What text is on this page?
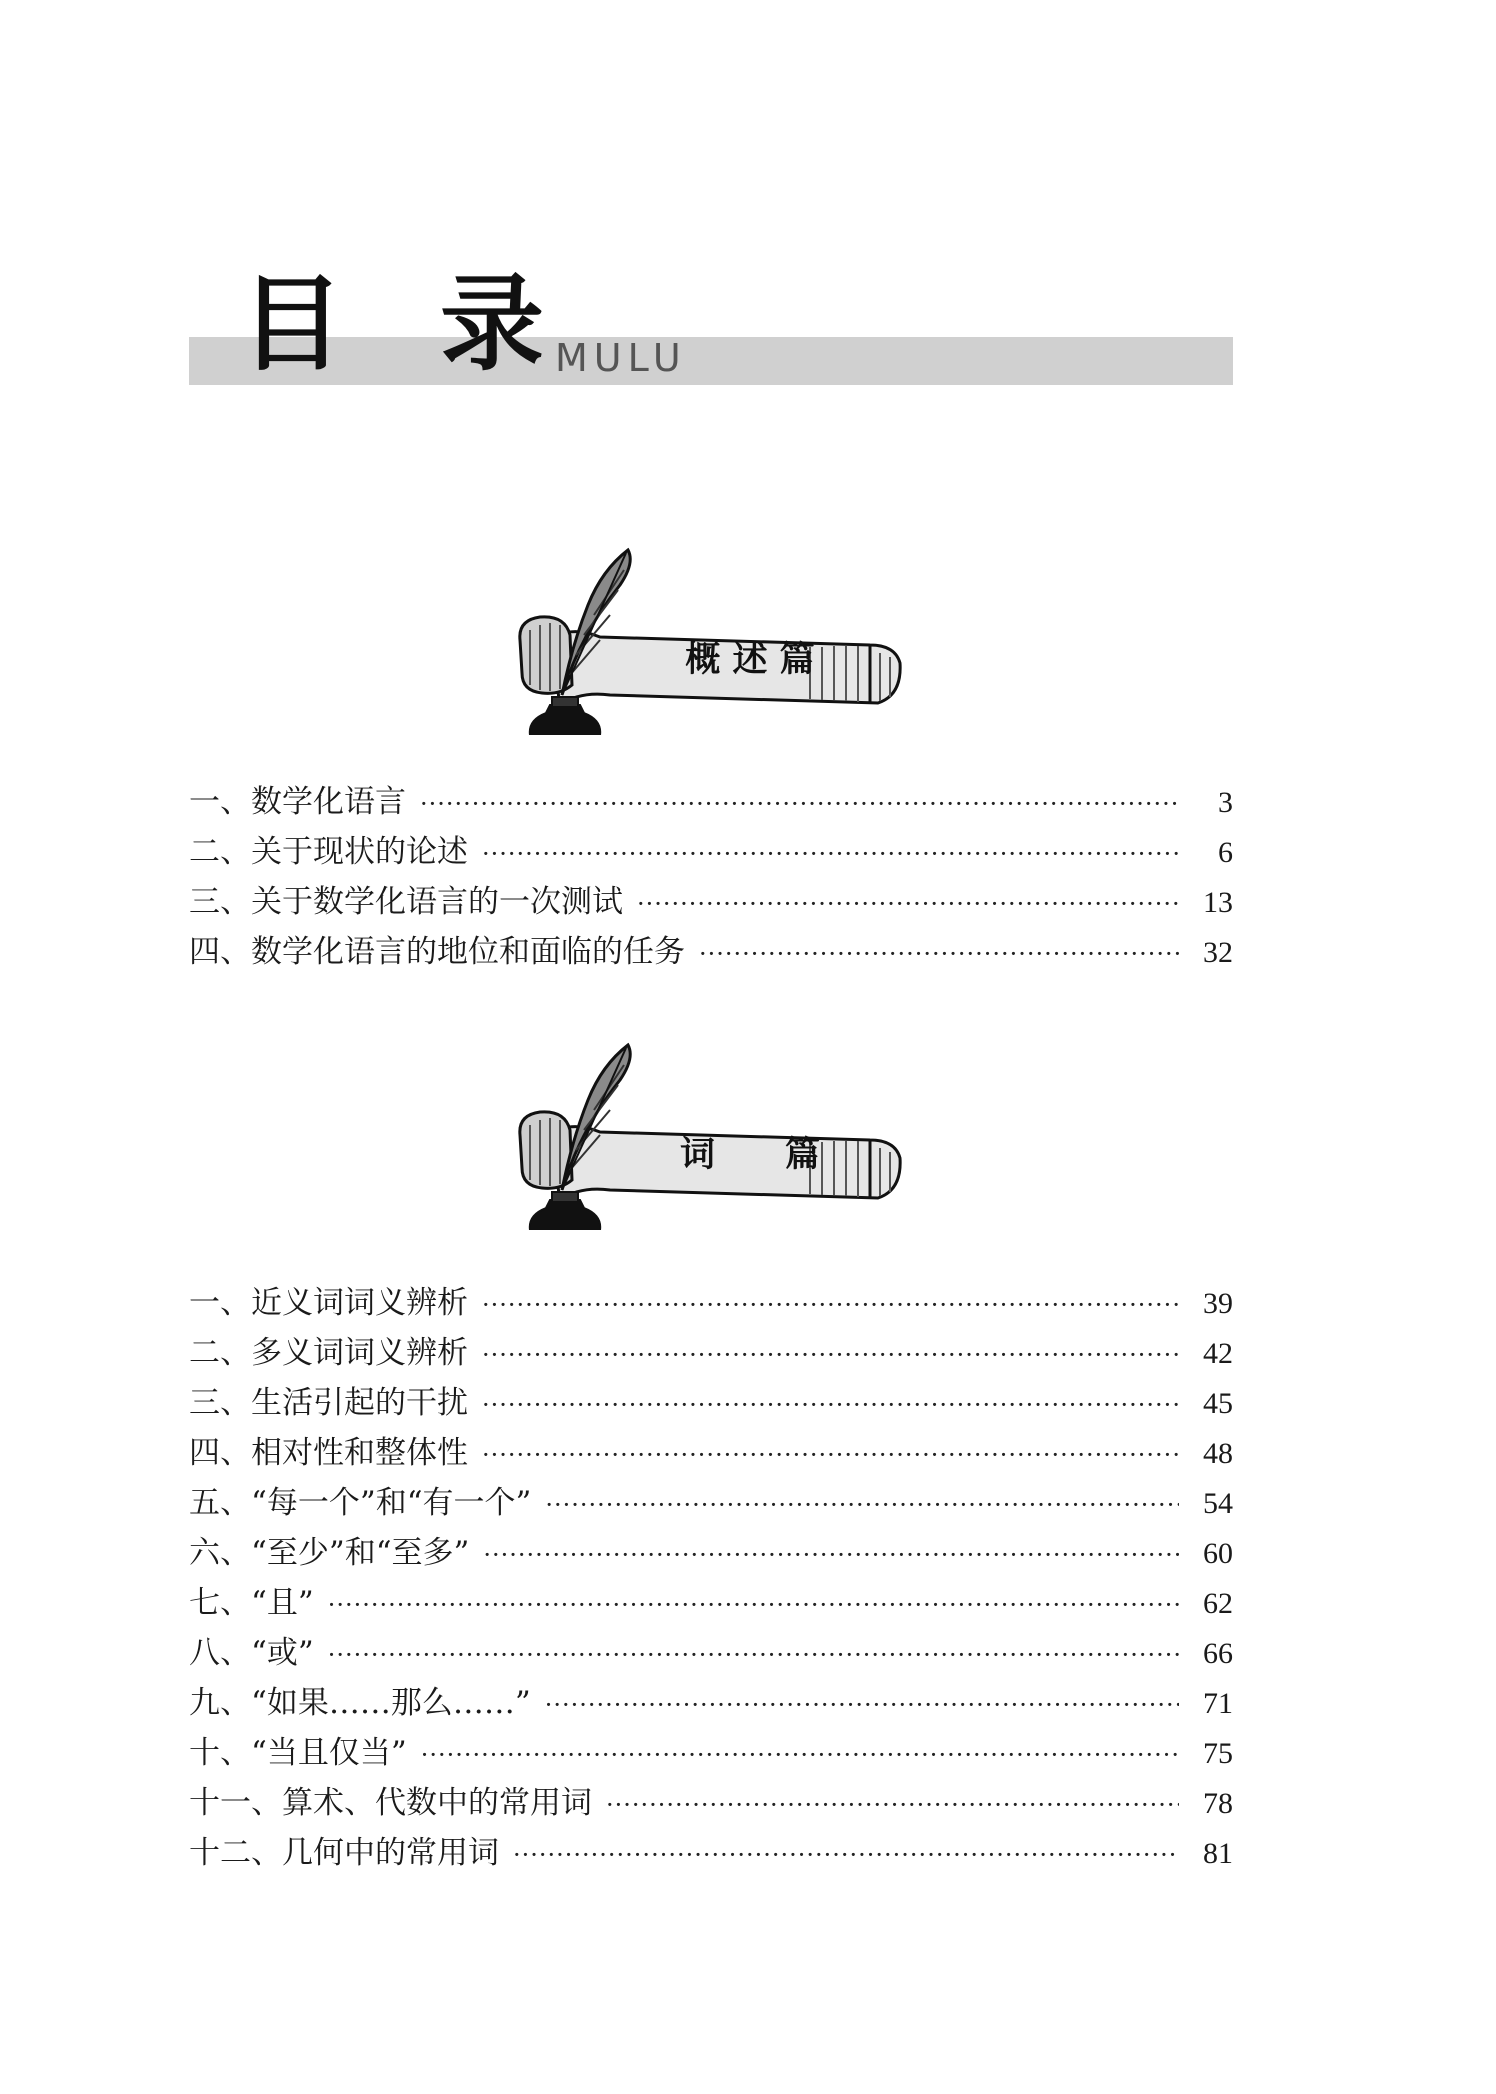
目 录 MULU
概 述 篇
一、数学化语言 ·····	3
二、关于现状的论述 ·····	6
三、关于数学化语言的一次测试 ·····	13
四、数学化语言的地位和面临的任务 ·····	32
词　　篇
一、近义词词义辨析 ·····	39
二、多义词词义辨析 ·····	42
三、生活引起的干扰 ·····	45
四、相对性和整体性 ·····	48
五、“每一个”和“有一个” ·····	54
六、“至少”和“至多” ·····	60
七、“且” ·····	62
八、“或” ·····	66
九、“如果……那么……” ·····	71
十、“当且仅当” ·····	75
十一、算术、代数中的常用词 ·····	78
十二、几何中的常用词 ·····	81
